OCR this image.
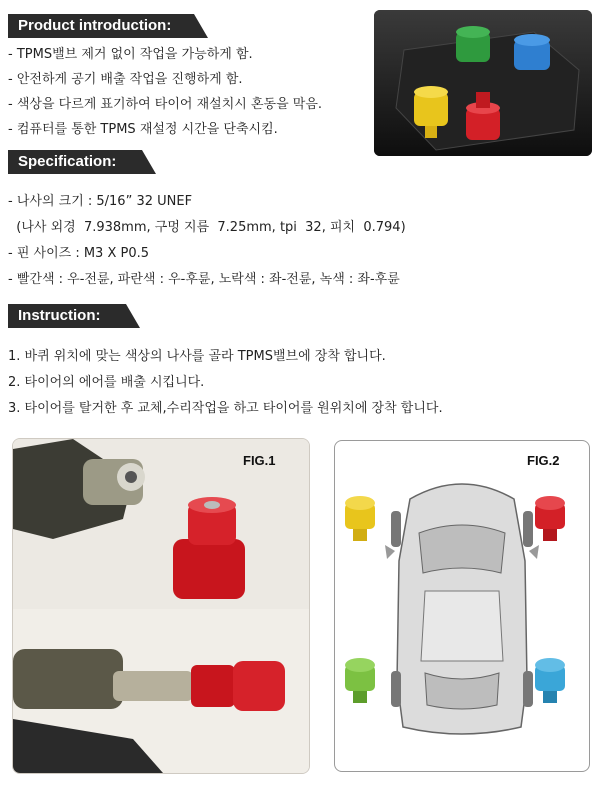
Product introduction:
- TPMS밸브 제거 없이 작업을 가능하게 함.
- 안전하게 공기 배출 작업을 진행하게 함.
- 색상을 다르게 표기하여 타이어 재설치시 혼동을 막음.
- 컴퓨터를 통한 TPMS 재설정 시간을 단축시킴.
Specification:
- 나사의 크기 : 5/16” 32 UNEF
(나사 외경  7.938mm, 구멍 지름  7.25mm, tpi  32, 피치  0.794)
- 핀 사이즈 : M3 X P0.5
- 빨간색 : 우-전륜, 파란색 : 우-후륜, 노락색 : 좌-전륜, 녹색 : 좌-후륜
Instruction:
1. 바퀴 위치에 맞는 색상의 나사를 골라 TPMS밸브에 장착 합니다.
2. 타이어의 에어를 배출 시킵니다.
3. 타이어를 탈거한 후 교체,수리작업을 하고 타이어를 원위치에 장착 합니다.
FIG.1	FIG.2
